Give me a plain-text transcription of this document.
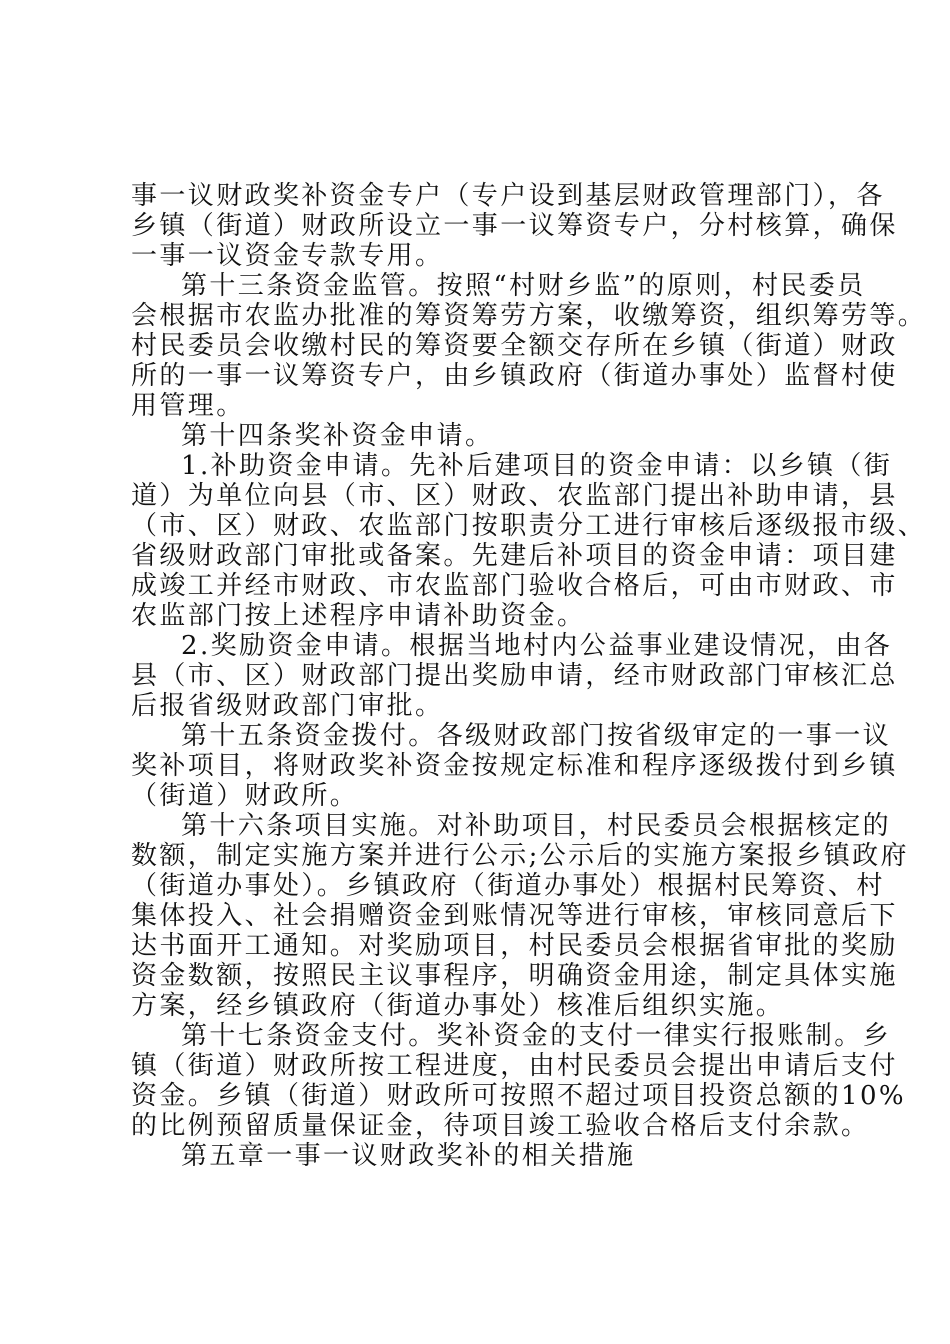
事一议财政奖补资金专户（专户设到基层财政管理部门），各
乡镇（街道）财政所设立一事一议筹资专户，分村核算，确保
一事一议资金专款专用。
第十三条资金监管。按照“村财乡监”的原则，村民委员
会根据市农监办批准的筹资筹劳方案，收缴筹资，组织筹劳等。
村民委员会收缴村民的筹资要全额交存所在乡镇（街道）财政
所的一事一议筹资专户，由乡镇政府（街道办事处）监督村使
用管理。
第十四条奖补资金申请。
1.补助资金申请。先补后建项目的资金申请：以乡镇（街
道）为单位向县（市、区）财政、农监部门提出补助申请，县
（市、区）财政、农监部门按职责分工进行审核后逐级报市级、
省级财政部门审批或备案。先建后补项目的资金申请：项目建
成竣工并经市财政、市农监部门验收合格后，可由市财政、市
农监部门按上述程序申请补助资金。
2.奖励资金申请。根据当地村内公益事业建设情况，由各
县（市、区）财政部门提出奖励申请，经市财政部门审核汇总
后报省级财政部门审批。
第十五条资金拨付。各级财政部门按省级审定的一事一议
奖补项目，将财政奖补资金按规定标准和程序逐级拨付到乡镇
（街道）财政所。
第十六条项目实施。对补助项目，村民委员会根据核定的
数额，制定实施方案并进行公示;公示后的实施方案报乡镇政府
（街道办事处）。乡镇政府（街道办事处）根据村民筹资、村
集体投入、社会捐赠资金到账情况等进行审核，审核同意后下
达书面开工通知。对奖励项目，村民委员会根据省审批的奖励
资金数额，按照民主议事程序，明确资金用途，制定具体实施
方案，经乡镇政府（街道办事处）核准后组织实施。
第十七条资金支付。奖补资金的支付一律实行报账制。乡
镇（街道）财政所按工程进度，由村民委员会提出申请后支付
资金。乡镇（街道）财政所可按照不超过项目投资总额的10%
的比例预留质量保证金，待项目竣工验收合格后支付余款。
第五章一事一议财政奖补的相关措施
